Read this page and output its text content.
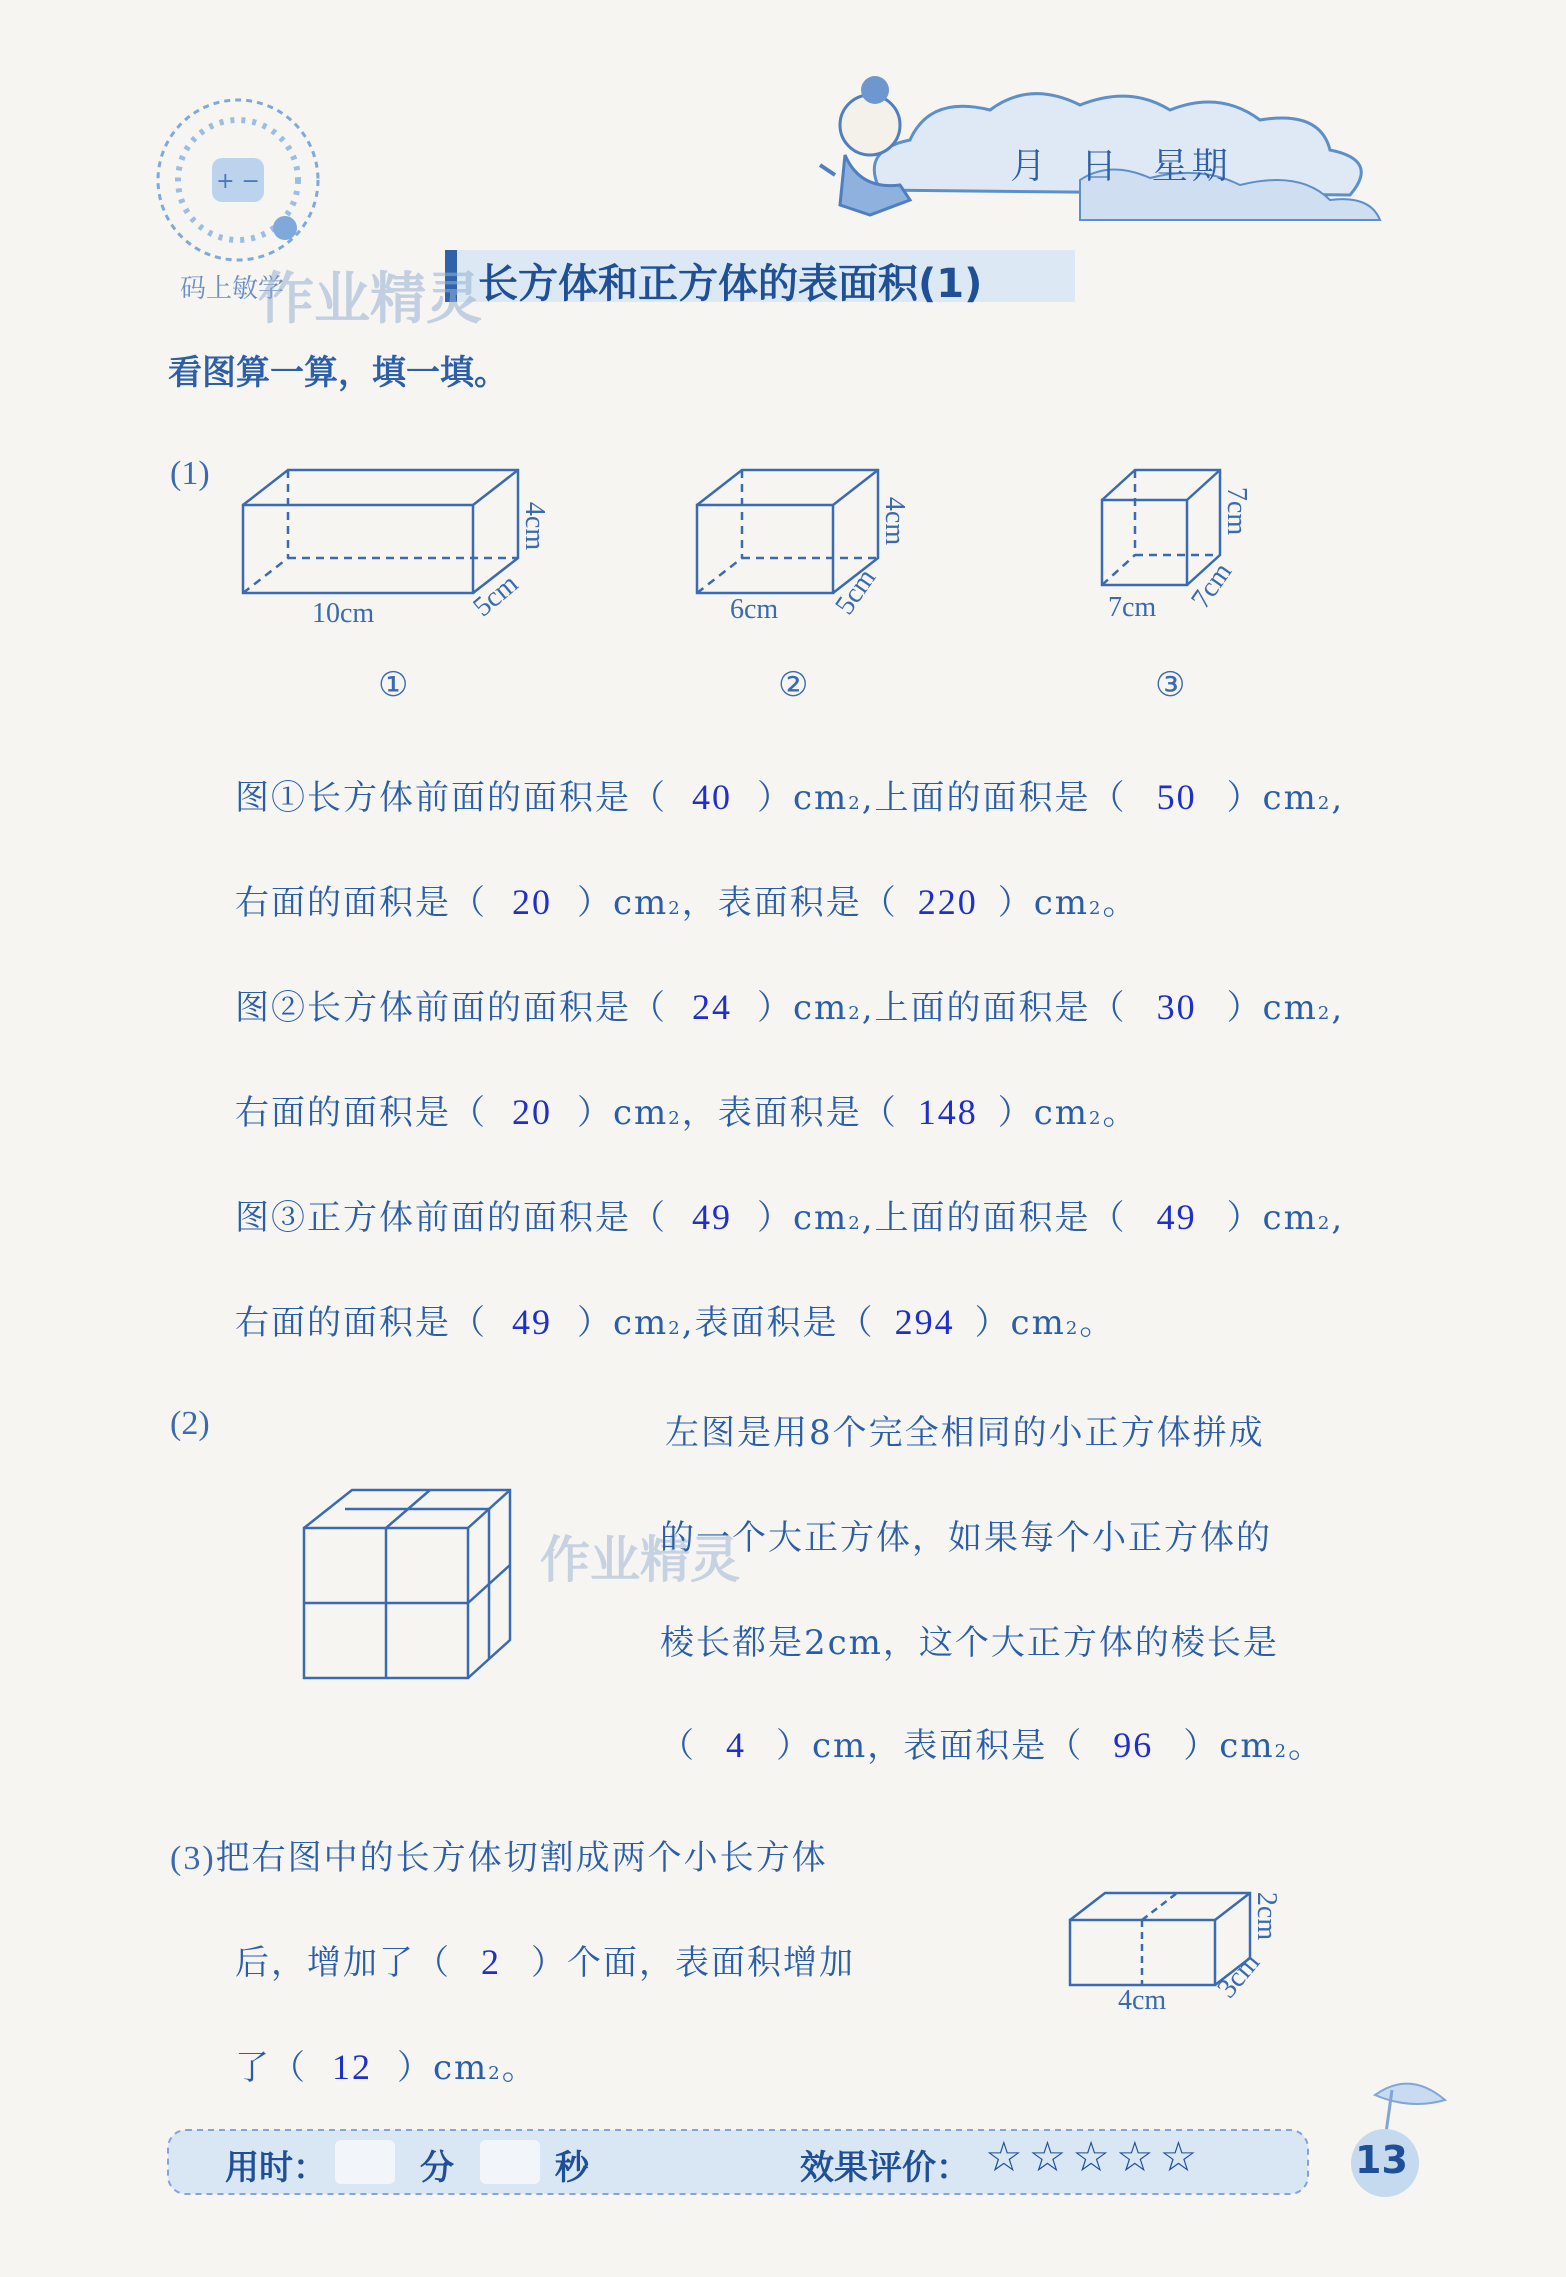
+ −
码上敏学
作业精灵
月  日  星期
长方体和正方体的表面积(1)
看图算一算，填一填。
(1)
10cm	5cm
4cm
①
6cm 5cm
4cm
②
7cm 7cm
7cm
③
图①长方体前面的面积是（ 40 ）cm 2 ,上面的面积是（ 50 ）cm 2 ,
右面的面积是（ 20 ）cm 2 ，表面积是（ 220 ）cm 2 。
图②长方体前面的面积是（ 24 ）cm 2 ,上面的面积是（ 30 ）cm 2 ,
右面的面积是（ 20 ）cm 2 ，表面积是（ 148 ）cm 2 。
图③正方体前面的面积是（ 49 ）cm 2 ,上面的面积是（ 49 ）cm 2 ,
右面的面积是（ 49 ）cm 2 ,表面积是（ 294 ）cm 2 。
(2)
作业精灵
左图是用8个完全相同的小正方体拼成
的一个大正方体，如果每个小正方体的
棱长都是2cm，这个大正方体的棱长是
（ 4 ）cm，表面积是（ 96 ）cm 2 。
(3) 把右图中的长方体切割成两个小长方体
后，增加了（ 2 ）个面，表面积增加
了（ 12 ）cm 2 。
4cm 3cm
2cm
用时：	分	秒	效果评价： ☆☆☆☆☆	13
